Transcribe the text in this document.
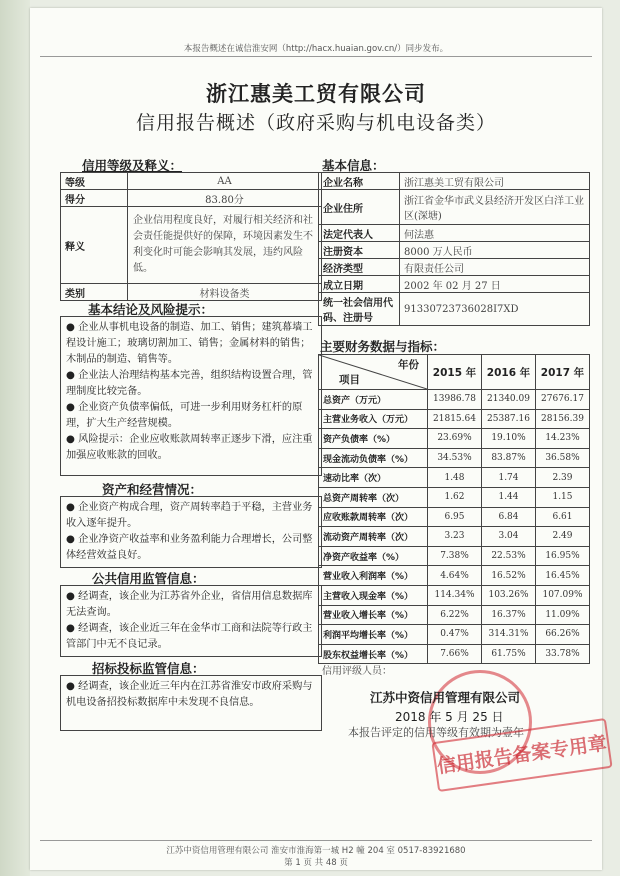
本报告概述在诚信淮安网（http://hacx.huaian.gov.cn/）同步发布。
浙江惠美工贸有限公司
信用报告概述（政府采购与机电设备类）
信用等级及释义：
等级	AA
得分	83.80分
释义	企业信用程度良好，对履行相关经济和社会责任能提供好的保障，环境因素发生不利变化时可能会影响其发展，违约风险低。
类别	材料设备类
基本结论及风险提示：

● 企业从事机电设备的制造、加工、销售；建筑幕墙工程设计施工；玻璃切割加工、销售；金属材料的销售；木制品的制造、销售等。

● 企业法人治理结构基本完善，组织结构设置合理，管理制度比较完备。

● 企业资产负债率偏低，可进一步利用财务杠杆的原理，扩大生产经营规模。

● 风险提示：企业应收账款周转率正逐步下滑，应注重加强应收账款的回收。

资产和经营情况：

● 企业资产构成合理，资产周转率趋于平稳，主营业务收入逐年提升。

● 企业净资产收益率和业务盈利能力合理增长，公司整体经营效益良好。

公共信用监管信息：

● 经调查，该企业为江苏省外企业，省信用信息数据库无法查询。

● 经调查，该企业近三年在金华市工商和法院等行政主管部门中无不良记录。

招标投标监管信息：

● 经调查，该企业近三年内在江苏省淮安市政府采购与机电设备招投标数据库中未发现不良信息。

基本信息：
企业名称	浙江惠美工贸有限公司
企业住所	浙江省金华市武义县经济开发区白洋工业区(深塘)
法定代表人	何法惠
注册资本	8000 万人民币
经济类型	有限责任公司
成立日期	2002 年 02 月 27 日
统一社会信用代码、注册号	91330723736028I7XD
主要财务数据与指标：
年份
项目	2015 年	2016 年	2017 年
总资产（万元）	13986.78	21340.09	27676.17
主营业务收入（万元）	21815.64	25387.16	28156.39
资产负债率（%）	23.69%	19.10%	14.23%
现金流动负债率（%）	34.53%	83.87%	36.58%
速动比率（次）	1.48	1.74	2.39
总资产周转率（次）	1.62	1.44	1.15
应收账款周转率（次）	6.95	6.84	6.61
流动资产周转率（次）	3.23	3.04	2.49
净资产收益率（%）	7.38%	22.53%	16.95%
营业收入利润率（%）	4.64%	16.52%	16.45%
主营收入现金率（%）	114.34%	103.26%	107.09%
营业收入增长率（%）	6.22%	16.37%	11.09%
利润平均增长率（%）	0.47%	314.31%	66.26%
股东权益增长率（%）	7.66%	61.75%	33.78%
信用评级人员：
江苏中资信用管理有限公司
2018 年 5 月 25 日
本报告评定的信用等级有效期为壹年
信用报告备案专用章
江苏中资信用管理有限公司 淮安市淮海第一城 H2 幢 204 室 0517-83921680
第 1 页 共 48 页
